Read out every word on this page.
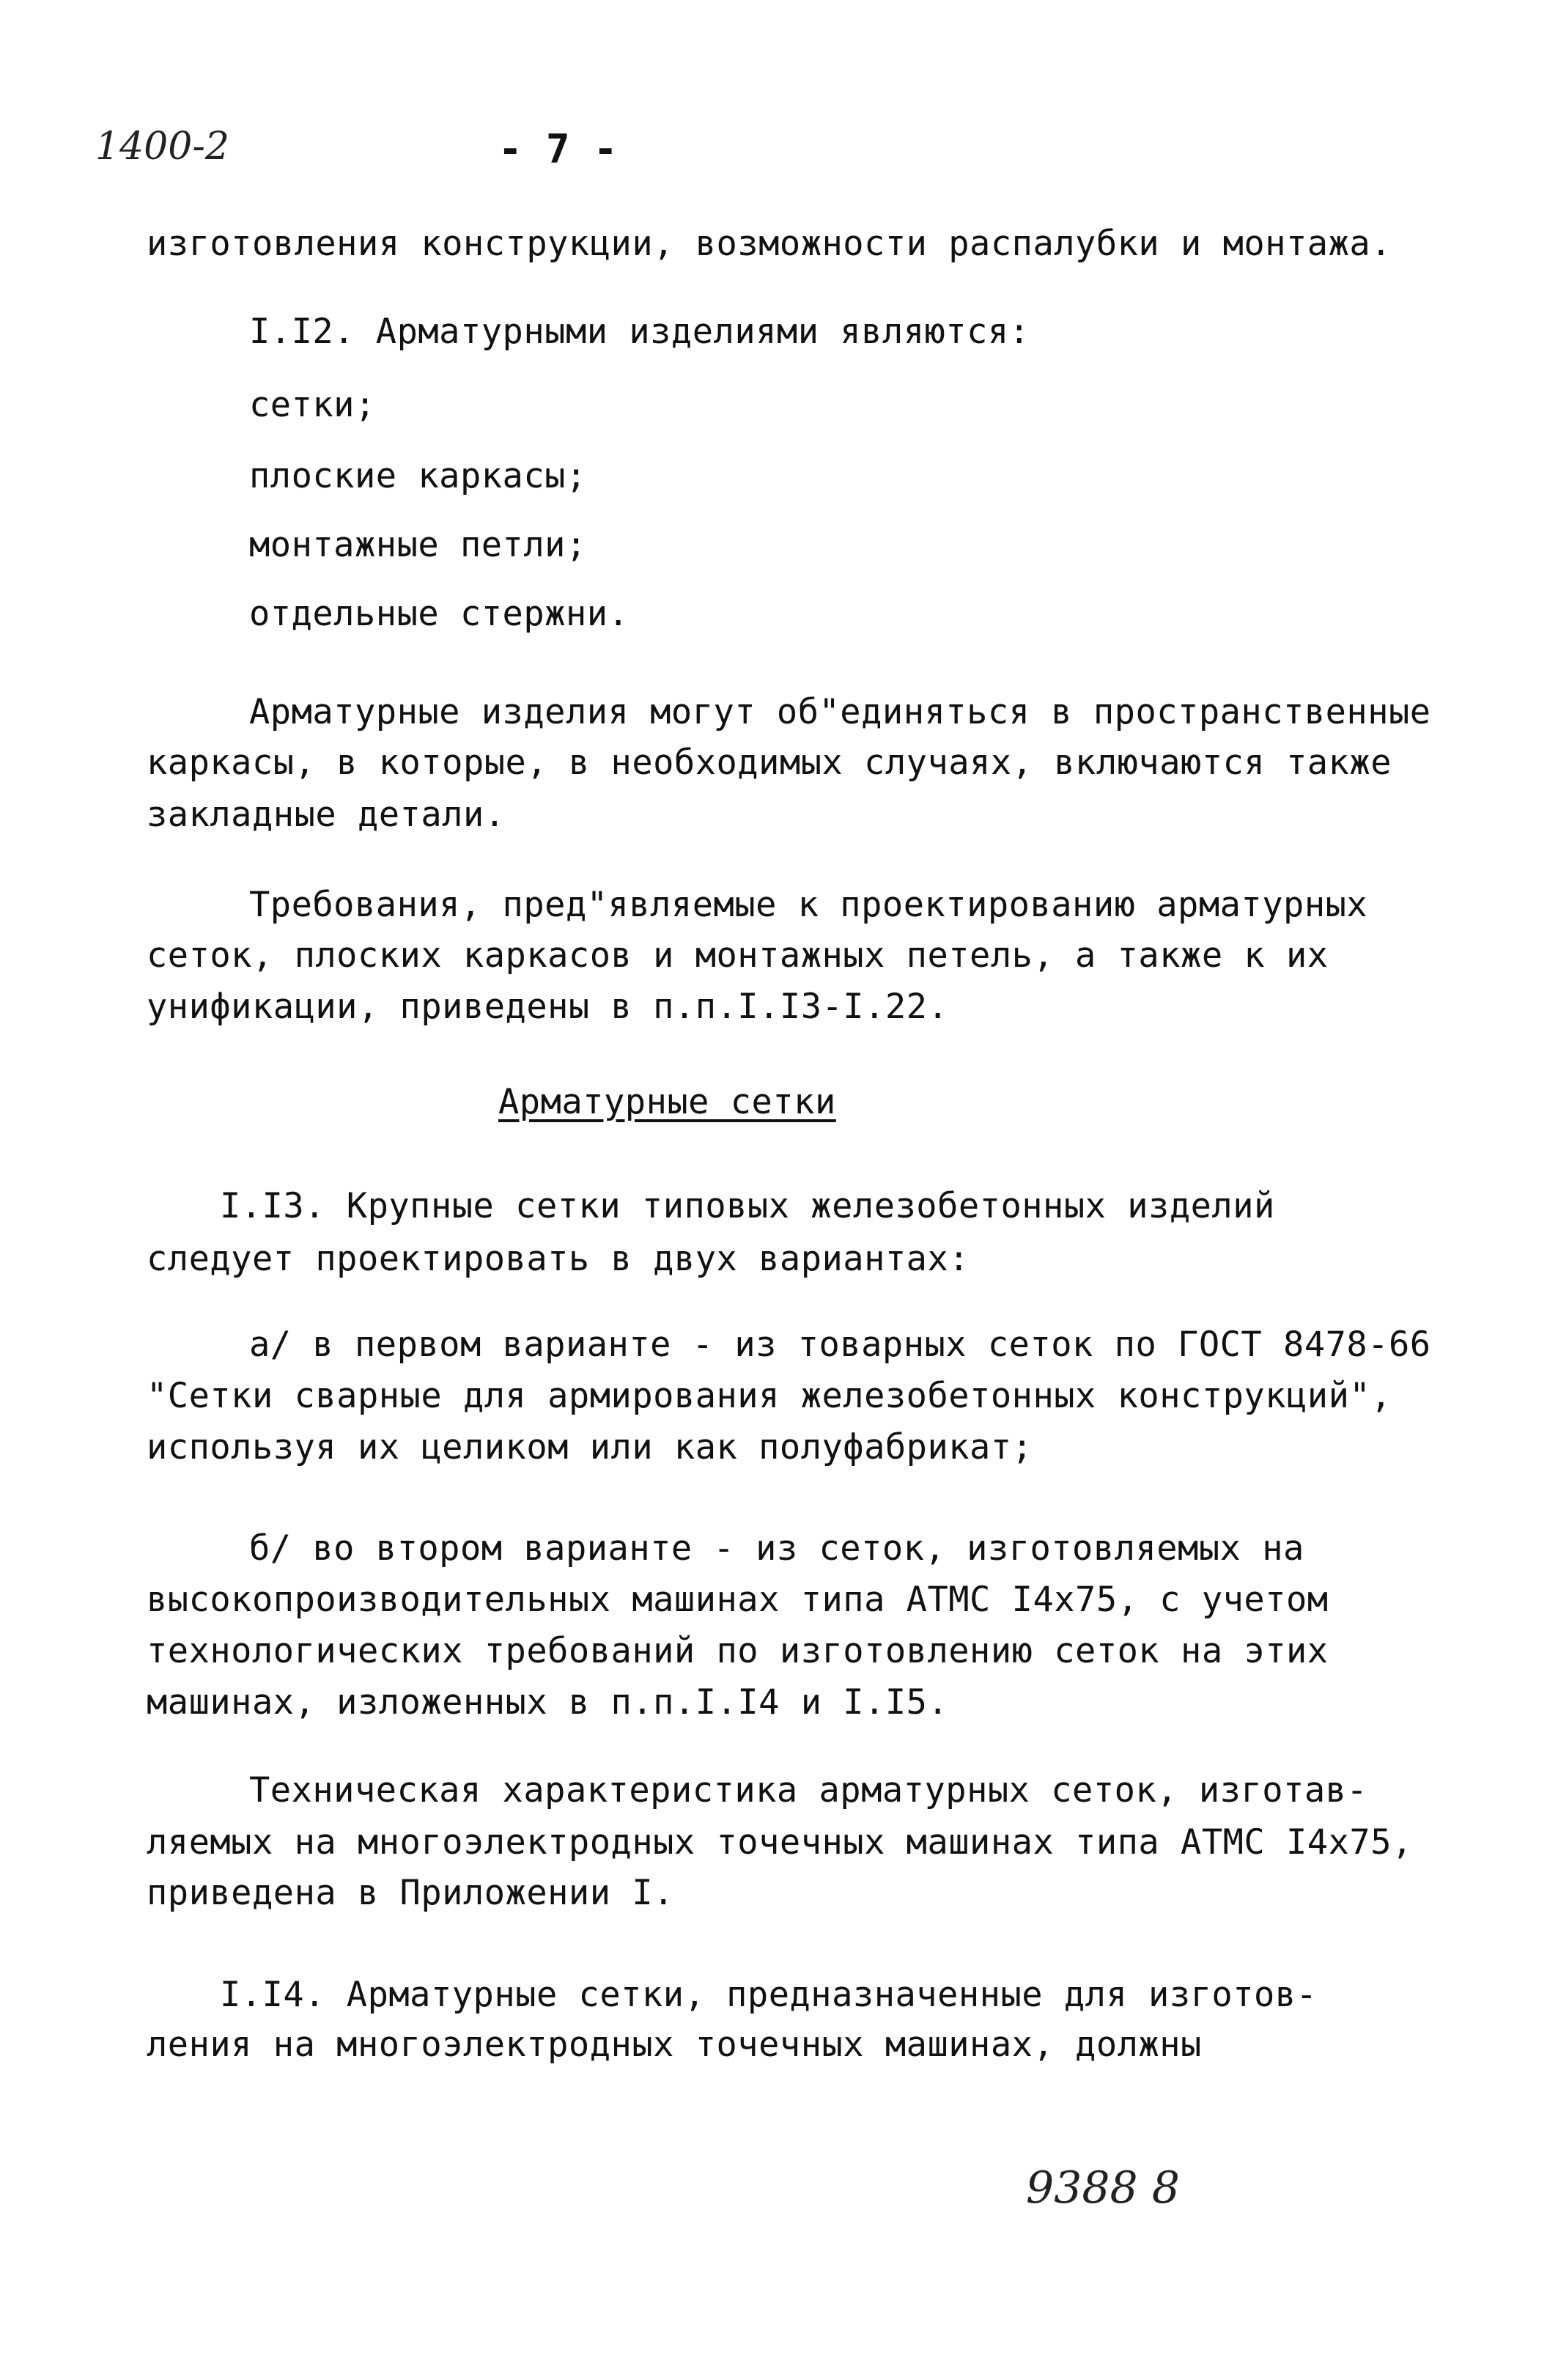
1400-2	- 7 -
изготовления конструкции, возможности распалубки и монтажа.
I.I2. Арматурными изделиями являются:
сетки;
плоские каркасы;
монтажные петли;
отдельные стержни.
Арматурные изделия могут об"единяться в пространственные
каркасы, в которые, в необходимых случаях, включаются также
закладные детали.
Требования, пред"являемые к проектированию арматурных
сеток, плоских каркасов и монтажных петель, а также к их
унификации, приведены в п.п.I.I3-I.22.
Арматурные сетки
I.I3. Крупные сетки типовых железобетонных изделий
следует проектировать в двух вариантах:
а/ в первом варианте - из товарных сеток по ГОСТ 8478-66
"Сетки сварные для армирования железобетонных конструкций",
используя их целиком или как полуфабрикат;
б/ во втором варианте - из сеток, изготовляемых на
высокопроизводительных машинах типа АТМС I4x75, с учетом
технологических требований по изготовлению сеток на этих
машинах, изложенных в п.п.I.I4 и I.I5.
Техническая характеристика арматурных сеток, изготав-
ляемых на многоэлектродных точечных машинах типа АТМС I4x75,
приведена в Приложении I.
I.I4. Арматурные сетки, предназначенные для изготов-
ления на многоэлектродных точечных машинах, должны
9388 8
